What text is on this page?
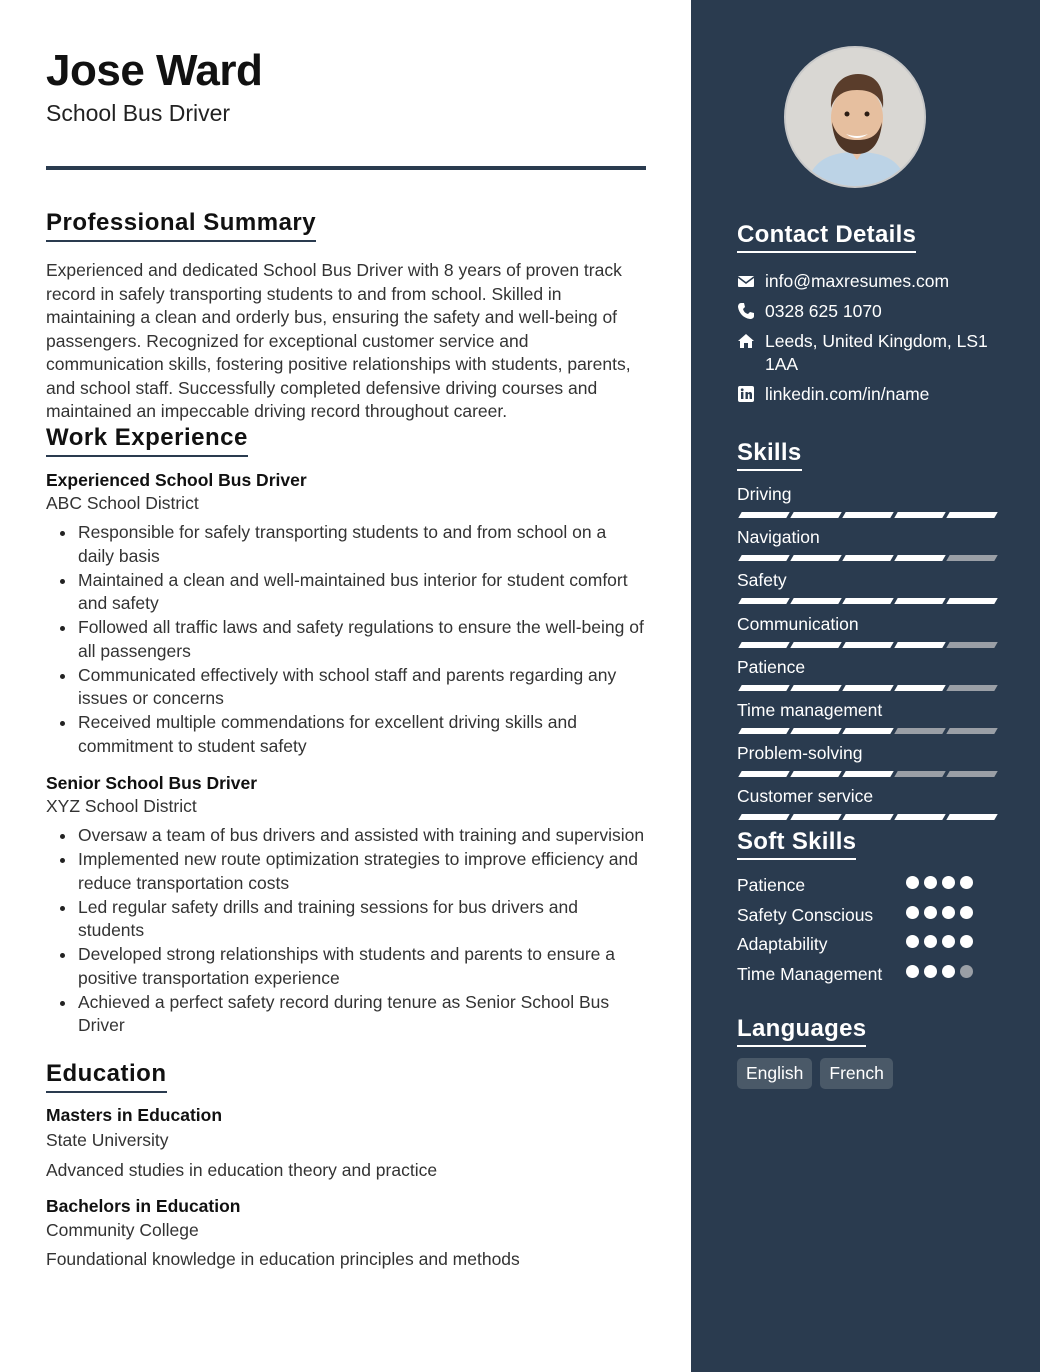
Jose Ward
School Bus Driver
Professional Summary
Experienced and dedicated School Bus Driver with 8 years of proven track record in safely transporting students to and from school. Skilled in maintaining a clean and orderly bus, ensuring the safety and well-being of passengers. Recognized for exceptional customer service and communication skills, fostering positive relationships with students, parents, and school staff. Successfully completed defensive driving courses and maintained an impeccable driving record throughout career.
Work Experience
Experienced School Bus Driver
ABC School District
Responsible for safely transporting students to and from school on a daily basis
Maintained a clean and well-maintained bus interior for student comfort and safety
Followed all traffic laws and safety regulations to ensure the well-being of all passengers
Communicated effectively with school staff and parents regarding any issues or concerns
Received multiple commendations for excellent driving skills and commitment to student safety
Senior School Bus Driver
XYZ School District
Oversaw a team of bus drivers and assisted with training and supervision
Implemented new route optimization strategies to improve efficiency and reduce transportation costs
Led regular safety drills and training sessions for bus drivers and students
Developed strong relationships with students and parents to ensure a positive transportation experience
Achieved a perfect safety record during tenure as Senior School Bus Driver
Education
Masters in Education
State University
Advanced studies in education theory and practice
Bachelors in Education
Community College
Foundational knowledge in education principles and methods
Contact Details
info@maxresumes.com
0328 625 1070
Leeds, United Kingdom, LS1 1AA
linkedin.com/in/name
Skills
Driving
Navigation
Safety
Communication
Patience
Time management
Problem-solving
Customer service
Soft Skills
Patience
Safety Conscious
Adaptability
Time Management
Languages
English	French
